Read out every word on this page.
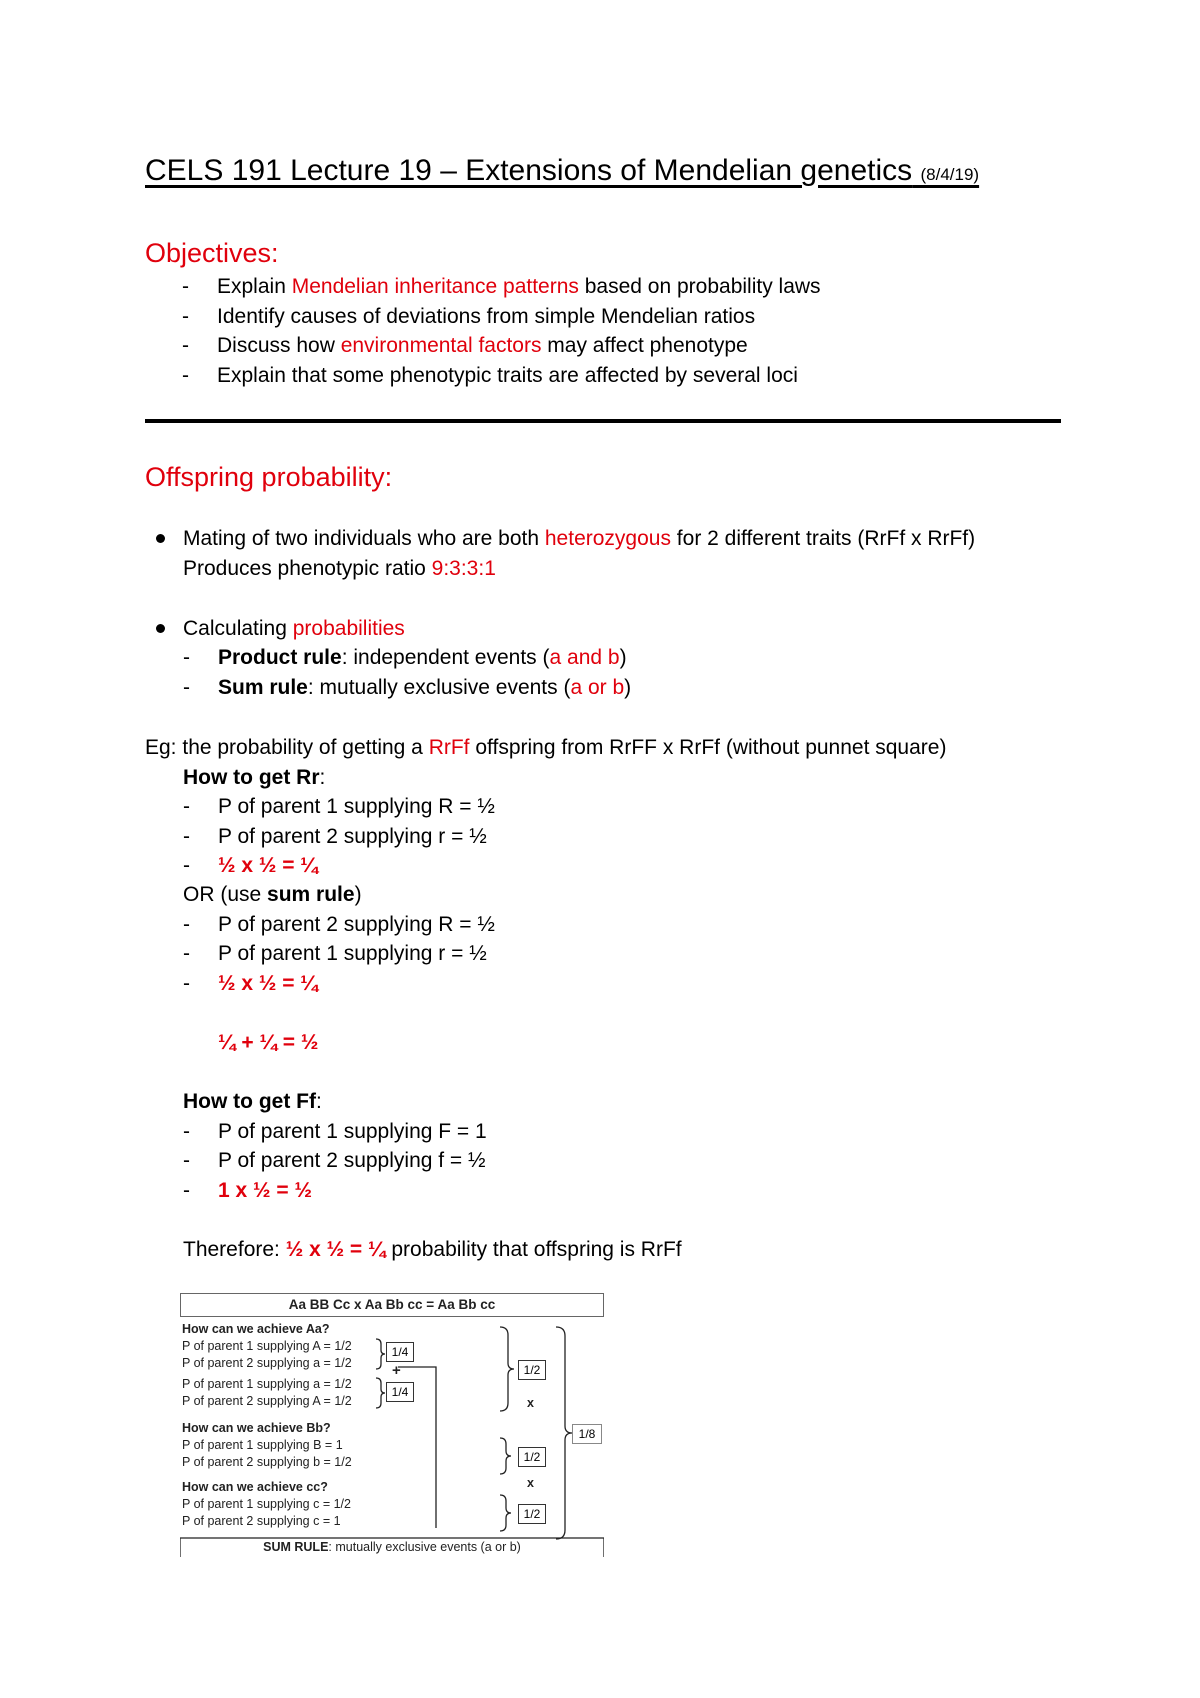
CELS 191 Lecture 19 – Extensions of Mendelian genetics (8/4/19)
Objectives:
- Explain Mendelian inheritance patterns based on probability laws
- Identify causes of deviations from simple Mendelian ratios
- Discuss how environmental factors may affect phenotype
- Explain that some phenotypic traits are affected by several loci
Offspring probability:
Mating of two individuals who are both heterozygous for 2 different traits (RrFf x RrFf)
Produces phenotypic ratio 9:3:3:1
Calculating probabilities
- Product rule: independent events (a and b)
- Sum rule: mutually exclusive events (a or b)
Eg: the probability of getting a RrFf offspring from RrFF x RrFf (without punnet square)
How to get Rr:
- P of parent 1 supplying R = ½
- P of parent 2 supplying r = ½
- ½ x ½ = ¼
OR (use sum rule)
- P of parent 2 supplying R = ½
- P of parent 1 supplying r = ½
- ½ x ½ = ¼
¼ + ¼ = ½
How to get Ff:
- P of parent 1 supplying F = 1
- P of parent 2 supplying f = ½
- 1 x ½ = ½
Therefore: ½ x ½ = ¼ probability that offspring is RrFf
Aa BB Cc x Aa Bb cc = Aa Bb cc
How can we achieve Aa?
P of parent 1 supplying A = 1/2
P of parent 2 supplying a = 1/2
P of parent 1 supplying a = 1/2
P of parent 2 supplying A = 1/2
How can we achieve Bb?
P of parent 1 supplying B = 1
P of parent 2 supplying b = 1/2
How can we achieve cc?
P of parent 1 supplying c = 1/2
P of parent 2 supplying c = 1
1/4
+
1/4
1/2
x
1/2
x
1/2
1/8
SUM RULE: mutually exclusive events (a or b)
